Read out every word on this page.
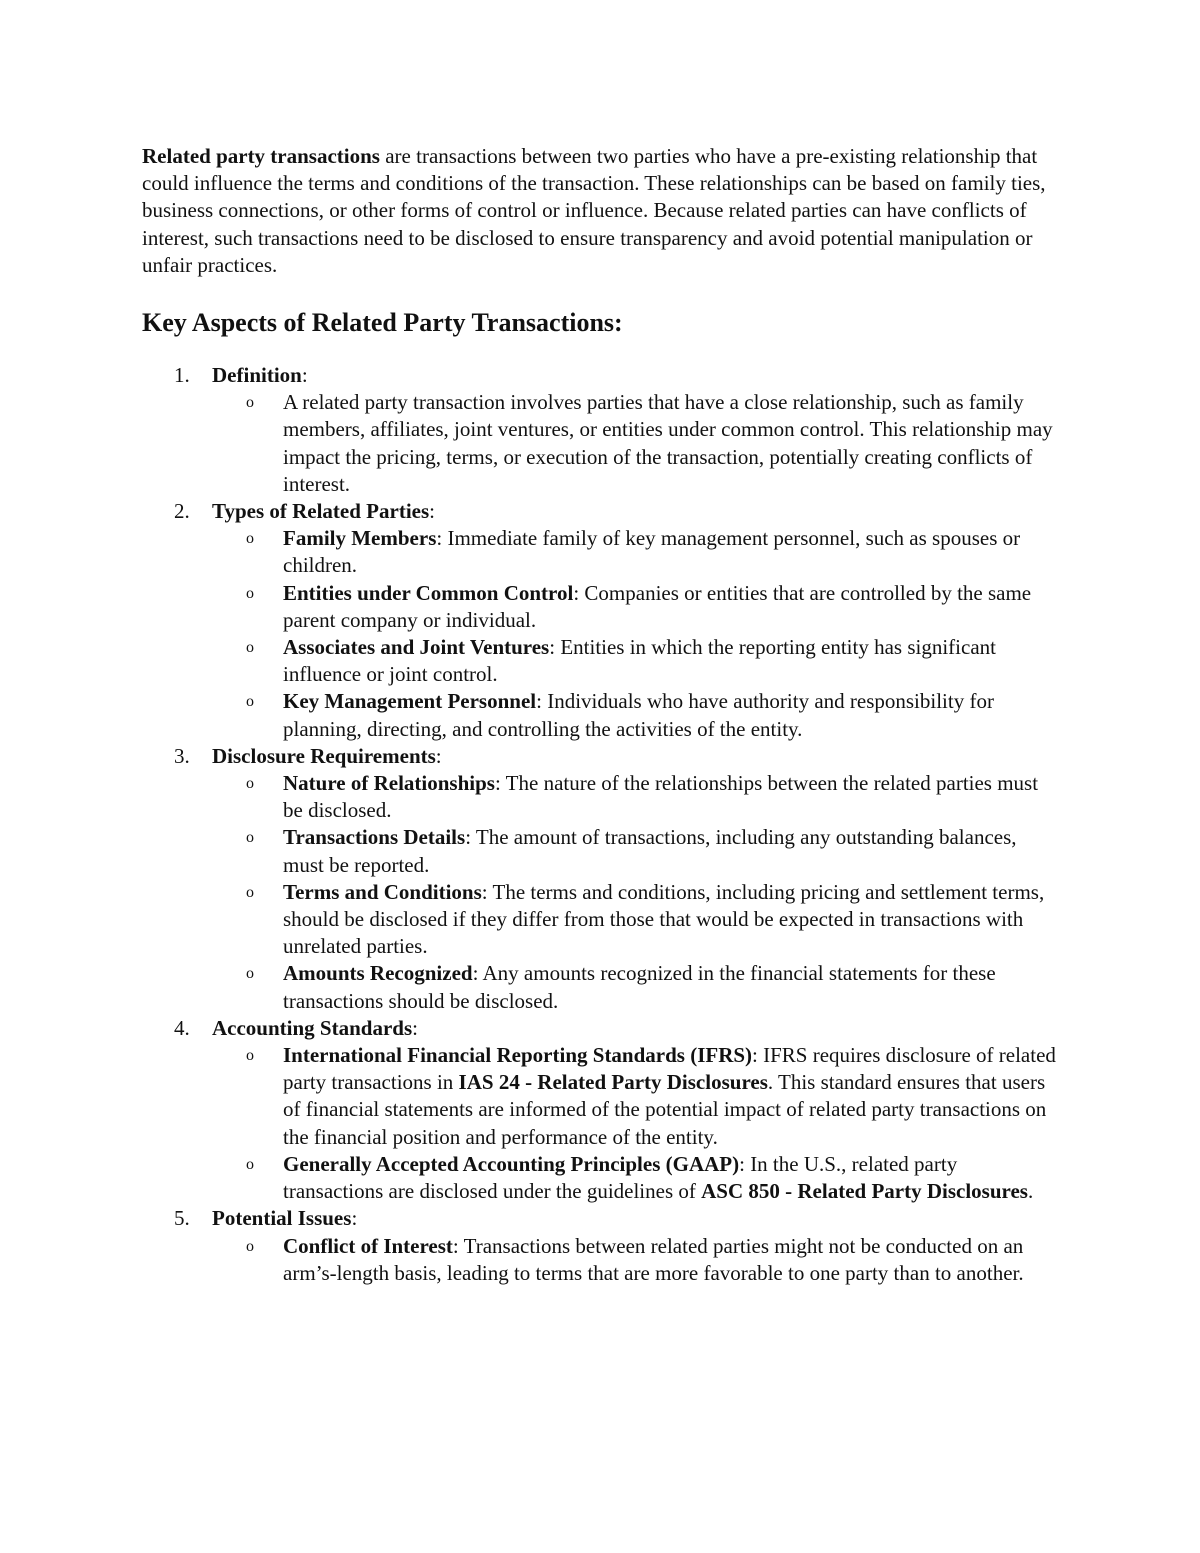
Related party transactions are transactions between two parties who have a pre-existing relationship that could influence the terms and conditions of the transaction. These relationships can be based on family ties, business connections, or other forms of control or influence. Because related parties can have conflicts of interest, such transactions need to be disclosed to ensure transparency and avoid potential manipulation or unfair practices.

Key Aspects of Related Party Transactions:
1. Definition:
o A related party transaction involves parties that have a close relationship, such as family members, affiliates, joint ventures, or entities under common control. This relationship may impact the pricing, terms, or execution of the transaction, potentially creating conflicts of interest.
2. Types of Related Parties:
o Family Members: Immediate family of key management personnel, such as spouses or children.
o Entities under Common Control: Companies or entities that are controlled by the same parent company or individual.
o Associates and Joint Ventures: Entities in which the reporting entity has significant influence or joint control.
o Key Management Personnel: Individuals who have authority and responsibility for planning, directing, and controlling the activities of the entity.
3. Disclosure Requirements:
o Nature of Relationships: The nature of the relationships between the related parties must be disclosed.
o Transactions Details: The amount of transactions, including any outstanding balances, must be reported.
o Terms and Conditions: The terms and conditions, including pricing and settlement terms, should be disclosed if they differ from those that would be expected in transactions with unrelated parties.
o Amounts Recognized: Any amounts recognized in the financial statements for these transactions should be disclosed.
4. Accounting Standards:
o International Financial Reporting Standards (IFRS): IFRS requires disclosure of related party transactions in IAS 24 - Related Party Disclosures. This standard ensures that users of financial statements are informed of the potential impact of related party transactions on the financial position and performance of the entity.
o Generally Accepted Accounting Principles (GAAP): In the U.S., related party transactions are disclosed under the guidelines of ASC 850 - Related Party Disclosures.
5. Potential Issues:
o Conflict of Interest: Transactions between related parties might not be conducted on an arm’s-length basis, leading to terms that are more favorable to one party than to another.
